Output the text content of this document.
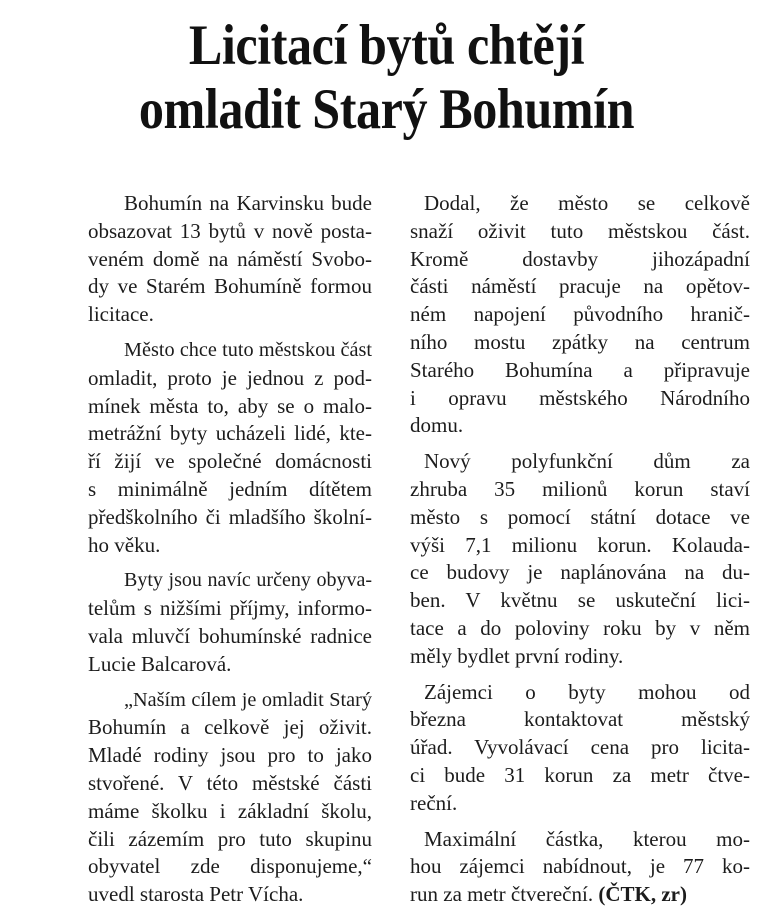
Licitací bytů chtějí
omladit Starý Bohumín

Bohumín na Karvinsku bude
obsazovat 13 bytů v nově posta-
veném domě na náměstí Svobo-
dy ve Starém Bohumíně formou
licitace.

Město chce tuto městskou část
omladit, proto je jednou z pod-
mínek města to, aby se o malo-
metrážní byty ucházeli lidé, kte-
ří žijí ve společné domácnosti
s minimálně jedním dítětem
předškolního či mladšího školní-
ho věku.

Byty jsou navíc určeny obyva-
telům s nižšími příjmy, informo-
vala mluvčí bohumínské radnice
Lucie Balcarová.

„Naším cílem je omladit Starý
Bohumín a celkově jej oživit.
Mladé rodiny jsou pro to jako
stvořené. V této městské části
máme školku i základní školu,
čili zázemím pro tuto skupinu
obyvatel zde disponujeme,“
uvedl starosta Petr Vícha.

Dodal, že město se celkově
snaží oživit tuto městskou část.
Kromě dostavby jihozápadní
části náměstí pracuje na opětov-
ném napojení původního hranič-
ního mostu zpátky na centrum
Starého Bohumína a připravuje
i opravu městského Národního
domu.

Nový polyfunkční dům za
zhruba 35 milionů korun staví
město s pomocí státní dotace ve
výši 7,1 milionu korun. Kolauda-
ce budovy je naplánována na du-
ben. V květnu se uskuteční lici-
tace a do poloviny roku by v něm
měly bydlet první rodiny.

Zájemci o byty mohou od
března kontaktovat městský
úřad. Vyvolávací cena pro licita-
ci bude 31 korun za metr čtve-
reční.

Maximální částka, kterou mo-
hou zájemci nabídnout, je 77 ko-
run za metr čtvereční. (ČTK, zr)
